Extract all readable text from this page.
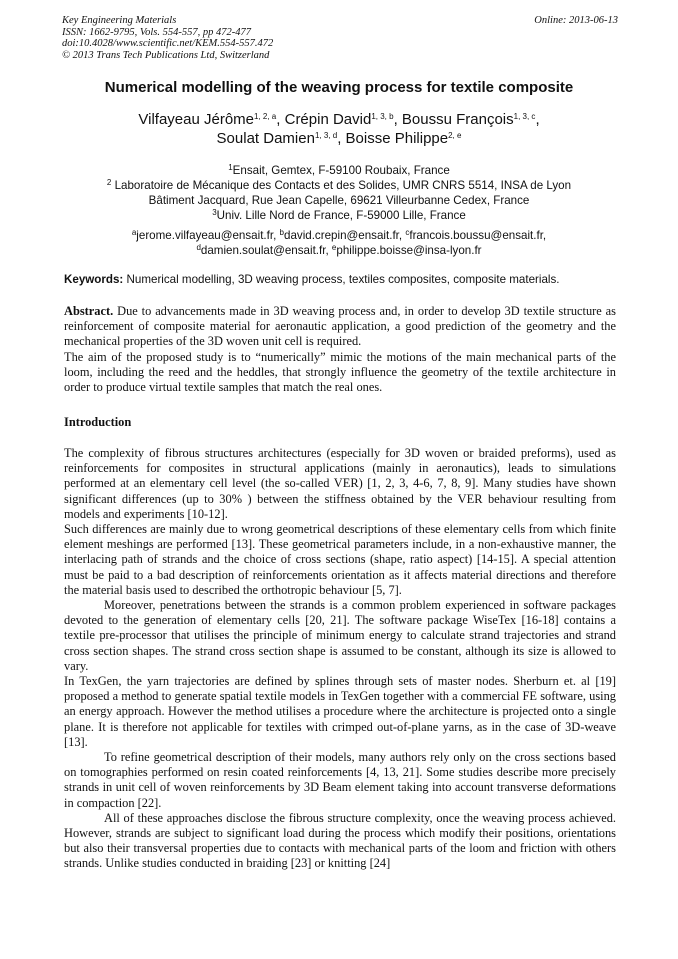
Key Engineering Materials
ISSN: 1662-9795, Vols. 554-557, pp 472-477
doi:10.4028/www.scientific.net/KEM.554-557.472
© 2013 Trans Tech Publications Ltd, Switzerland
Online: 2013-06-13
Numerical modelling of the weaving process for textile composite
Vilfayeau Jérôme$^{1, 2, a}$, Crépin David$^{1, 3, b}$, Boussu François$^{1, 3, c}$,
Soulat Damien$^{1, 3, d}$, Boisse Philippe$^{2, e}$
$^1$Ensait, Gemtex, F-59100 Roubaix, France
$^2$ Laboratoire de Mécanique des Contacts et des Solides, UMR CNRS 5514, INSA de Lyon
Bâtiment Jacquard, Rue Jean Capelle, 69621 Villeurbanne Cedex, France
$^3$Univ. Lille Nord de France, F-59000 Lille, France
$^a$jerome.vilfayeau@ensait.fr, $^b$david.crepin@ensait.fr, $^c$francois.boussu@ensait.fr,
$^d$damien.soulat@ensait.fr, $^e$philippe.boisse@insa-lyon.fr
Keywords: Numerical modelling, 3D weaving process, textiles composites, composite materials.

Abstract. Due to advancements made in 3D weaving process and, in order to develop 3D textile structure as reinforcement of composite material for aeronautic application, a good prediction of the geometry and the mechanical properties of the 3D woven unit cell is required.

The aim of the proposed study is to “numerically” mimic the motions of the main mechanical parts of the loom, including the reed and the heddles, that strongly influence the geometry of the textile architecture in order to produce virtual textile samples that match the real ones.

Introduction

The complexity of fibrous structures architectures (especially for 3D woven or braided preforms), used as reinforcements for composites in structural applications (mainly in aeronautics), leads to simulations performed at an elementary cell level (the so-called VER) [1, 2, 3, 4-6, 7, 8, 9]. Many studies have shown significant differences (up to 30% ) between the stiffness obtained by the VER behaviour resulting from models and experiments [10-12].

Such differences are mainly due to wrong geometrical descriptions of these elementary cells from which finite element meshings are performed [13]. These geometrical parameters include, in a non-exhaustive manner, the interlacing path of strands and the choice of cross sections (shape, ratio aspect) [14-15]. A special attention must be paid to a bad description of reinforcements orientation as it affects material directions and therefore the material basis used to described the orthotropic behaviour [5, 7].

Moreover, penetrations between the strands is a common problem experienced in software packages devoted to the generation of elementary cells [20, 21]. The software package WiseTex [16-18] contains a textile pre-processor that utilises the principle of minimum energy to calculate strand trajectories and strand cross section shapes. The strand cross section shape is assumed to be constant, although its size is allowed to vary.

In TexGen, the yarn trajectories are defined by splines through sets of master nodes. Sherburn et. al [19] proposed a method to generate spatial textile models in TexGen together with a commercial FE software, using an energy approach. However the method utilises a procedure where the architecture is projected onto a single plane. It is therefore not applicable for textiles with crimped out-of-plane yarns, as in the case of 3D-weave [13].

To refine geometrical description of their models, many authors rely only on the cross sections based on tomographies performed on resin coated reinforcements [4, 13, 21]. Some studies describe more precisely strands in unit cell of woven reinforcements by 3D Beam element taking into account transverse deformations in compaction [22].

All of these approaches disclose the fibrous structure complexity, once the weaving process achieved. However, strands are subject to significant load during the process which modify their positions, orientations but also their transversal properties due to contacts with mechanical parts of the loom and friction with others strands. Unlike studies conducted in braiding [23] or knitting [24]
